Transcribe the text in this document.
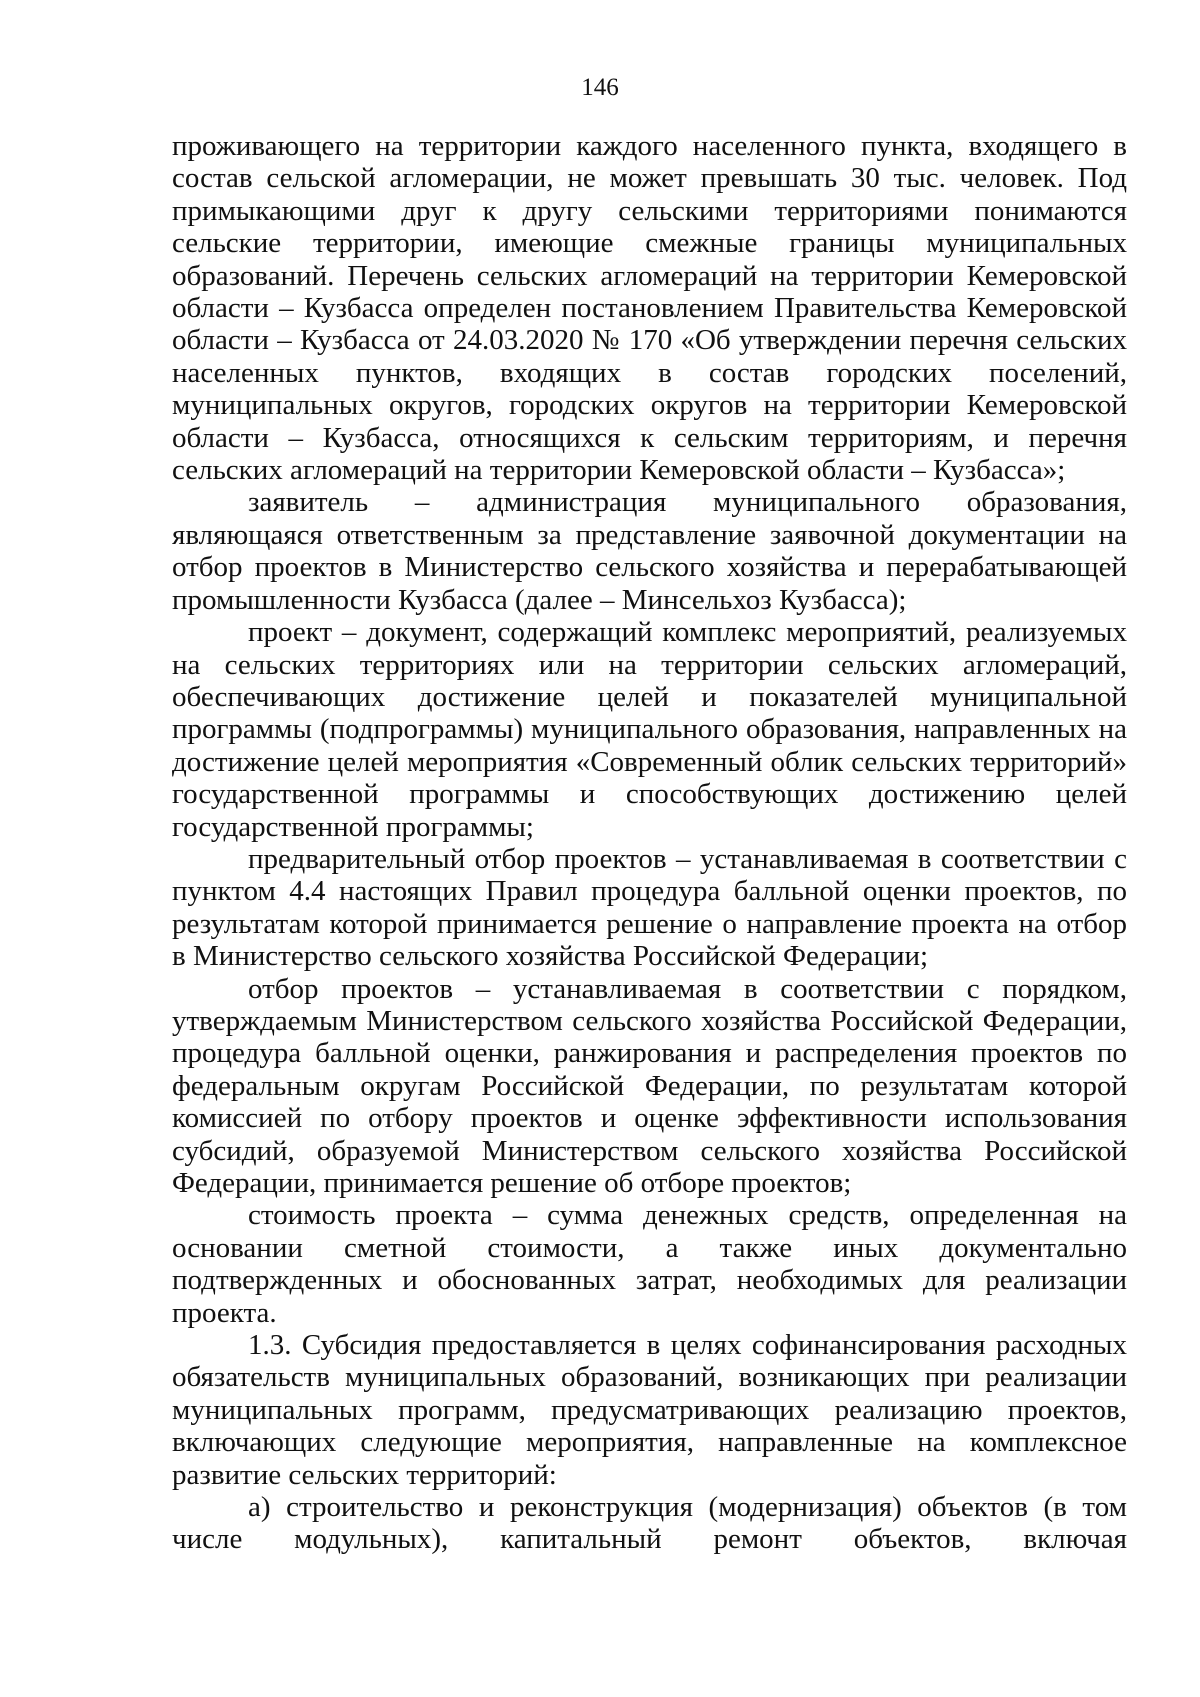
146

проживающего на территории каждого населенного пункта, входящего в состав сельской агломерации, не может превышать 30 тыс. человек. Под примыкающими друг к другу сельскими территориями понимаются сельские территории, имеющие смежные границы муниципальных образований. Перечень сельских агломераций на территории Кемеровской области – Кузбасса определен постановлением Правительства Кемеровской области – Кузбасса от 24.03.2020 № 170 «Об утверждении перечня сельских населенных пунктов, входящих в состав городских поселений, муниципальных округов, городских округов на территории Кемеровской области – Кузбасса, относящихся к сельским территориям, и перечня сельских агломераций на территории Кемеровской области – Кузбасса»;

заявитель – администрация муниципального образования, являющаяся ответственным за представление заявочной документации на отбор проектов в Министерство сельского хозяйства и перерабатывающей промышленности Кузбасса (далее – Минсельхоз Кузбасса);

проект – документ, содержащий комплекс мероприятий, реализуемых на сельских территориях или на территории сельских агломераций, обеспечивающих достижение целей и показателей муниципальной программы (подпрограммы) муниципального образования, направленных на достижение целей мероприятия «Современный облик сельских территорий» государственной программы и способствующих достижению целей государственной программы;

предварительный отбор проектов – устанавливаемая в соответствии с пунктом 4.4 настоящих Правил процедура балльной оценки проектов, по результатам которой принимается решение о направление проекта на отбор в Министерство сельского хозяйства Российской Федерации;

отбор проектов – устанавливаемая в соответствии с порядком, утверждаемым Министерством сельского хозяйства Российской Федерации, процедура балльной оценки, ранжирования и распределения проектов по федеральным округам Российской Федерации, по результатам которой комиссией по отбору проектов и оценке эффективности использования субсидий, образуемой Министерством сельского хозяйства Российской Федерации, принимается решение об отборе проектов;

стоимость проекта – сумма денежных средств, определенная на основании сметной стоимости, а также иных документально подтвержденных и обоснованных затрат, необходимых для реализации проекта.

1.3. Субсидия предоставляется в целях софинансирования расходных обязательств муниципальных образований, возникающих при реализации муниципальных программ, предусматривающих реализацию проектов, включающих следующие мероприятия, направленные на комплексное развитие сельских территорий:

а) строительство и реконструкция (модернизация) объектов (в том числе модульных), капитальный ремонт объектов, включая
